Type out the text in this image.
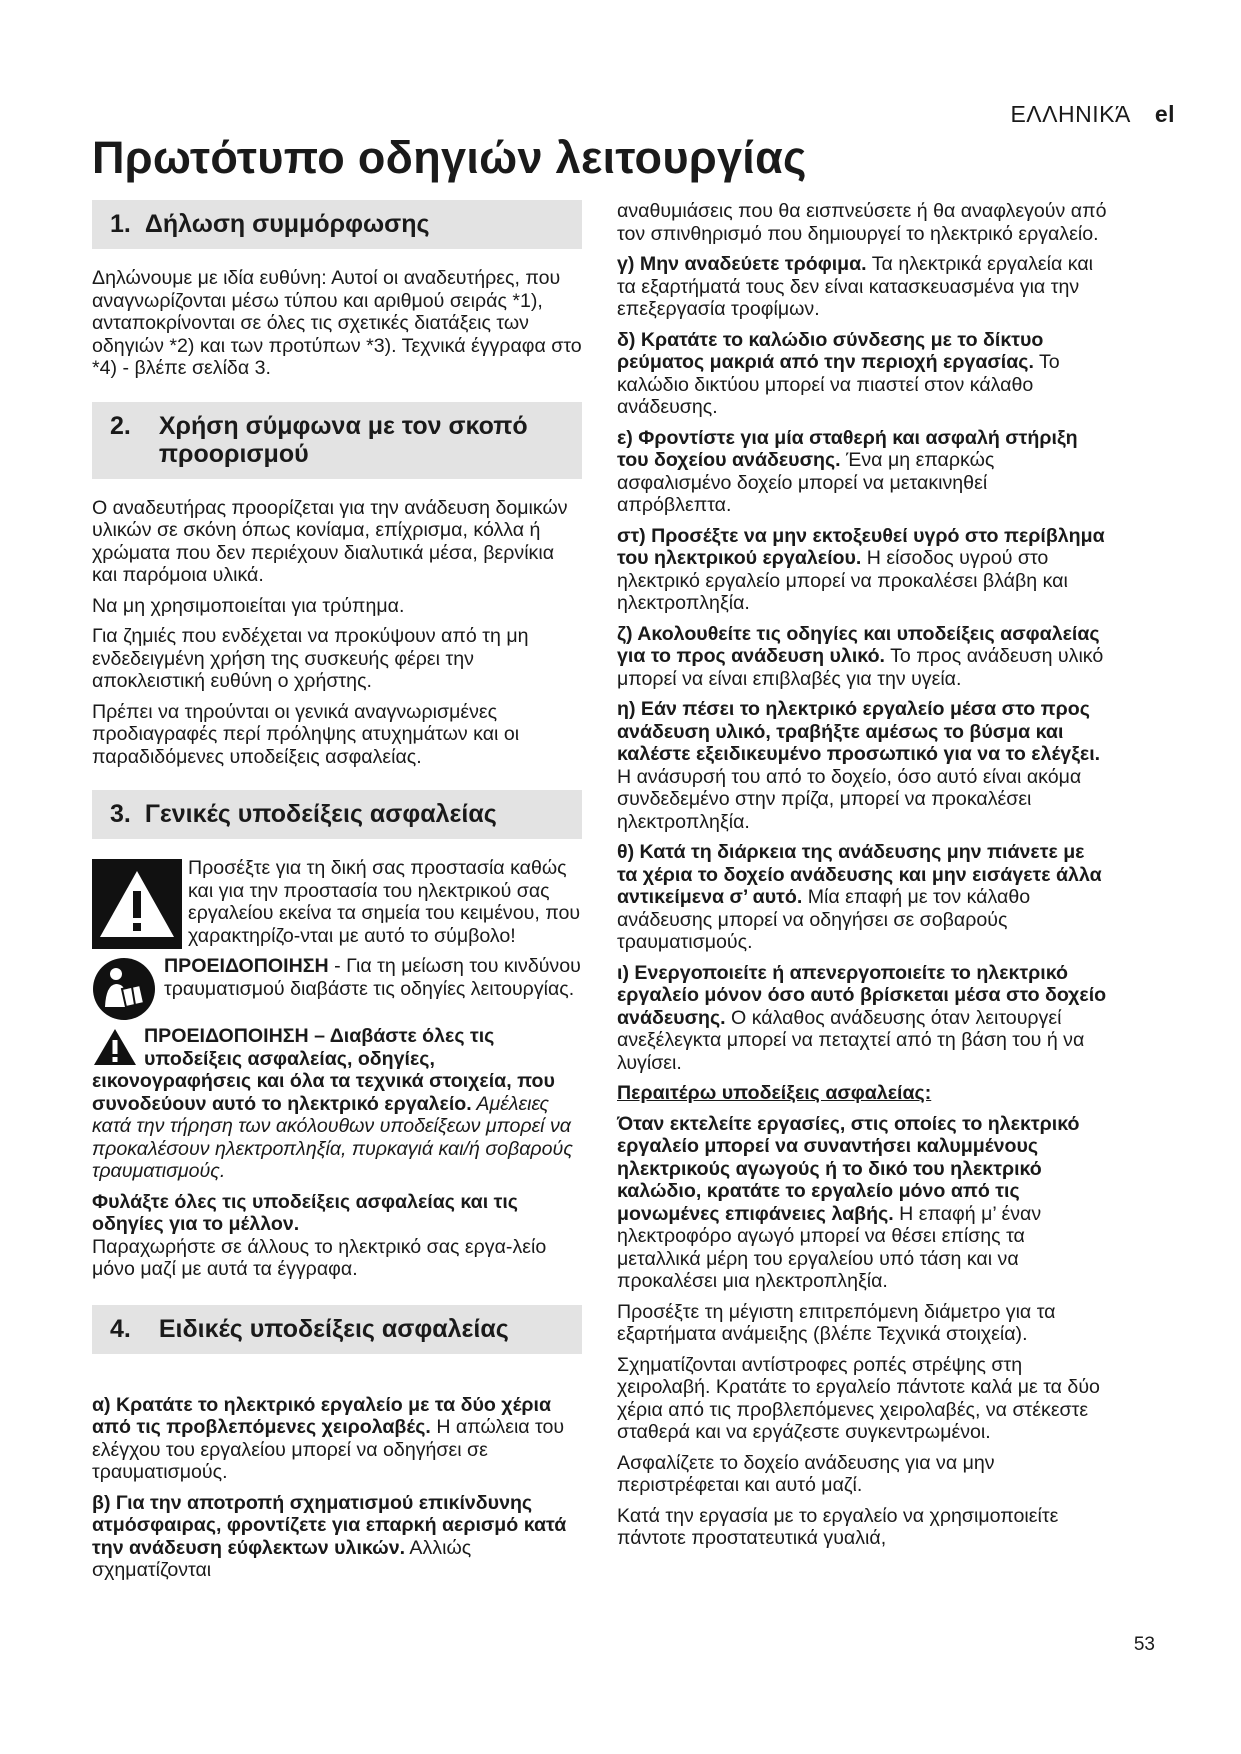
ΕΛΛΗΝΙΚΆ el
Πρωτότυπο οδηγιών λειτουργίας
1. Δήλωση συμμόρφωσης

Δηλώνουμε με ιδία ευθύνη: Αυτοί οι αναδευτήρες, που αναγνωρίζονται μέσω τύπου και αριθμού σειράς *1), ανταποκρίνονται σε όλες τις σχετικές διατάξεις των οδηγιών *2) και των προτύπων *3). Τεχνικά έγγραφα στο *4) - βλέπε σελίδα 3.

2. Χρήση σύμφωνα με τον σκοπό προορισμού

Ο αναδευτήρας προορίζεται για την ανάδευση δομικών υλικών σε σκόνη όπως κονίαμα, επίχρισμα, κόλλα ή χρώματα που δεν περιέχουν διαλυτικά μέσα, βερνίκια και παρόμοια υλικά.

Να μη χρησιμοποιείται για τρύπημα.

Για ζημιές που ενδέχεται να προκύψουν από τη μη ενδεδειγμένη χρήση της συσκευής φέρει την αποκλειστική ευθύνη ο χρήστης.

Πρέπει να τηρούνται οι γενικά αναγνωρισμένες προδιαγραφές περί πρόληψης ατυχημάτων και οι παραδιδόμενες υποδείξεις ασφαλείας.

3. Γενικές υποδείξεις ασφαλείας

Προσέξτε για τη δική σας προστασία καθώς και για την προστασία του ηλεκτρικού σας εργαλείου εκείνα τα σημεία του κειμένου, που χαρακτηρίζο-νται με αυτό το σύμβολο!

ΠΡΟΕΙΔΟΠΟΙΗΣΗ - Για τη μείωση του κινδύνου τραυματισμού διαβάστε τις οδηγίες λειτουργίας.

ΠΡΟΕΙΔΟΠΟΙΗΣΗ – Διαβάστε όλες τις υποδείξεις ασφαλείας, οδηγίες, εικονογραφήσεις και όλα τα τεχνικά στοιχεία, που συνοδεύουν αυτό το ηλεκτρικό εργαλείο. Αμέλειες κατά την τήρηση των ακόλουθων υποδείξεων μπορεί να προκαλέσουν ηλεκτροπληξία, πυρκαγιά και/ή σοβαρούς τραυματισμούς.

Φυλάξτε όλες τις υποδείξεις ασφαλείας και τις οδηγίες για το μέλλον.
Παραχωρήστε σε άλλους το ηλεκτρικό σας εργα-λείο μόνο μαζί με αυτά τα έγγραφα.

4. Ειδικές υποδείξεις ασφαλείας

α) Κρατάτε το ηλεκτρικό εργαλείο με τα δύο χέρια από τις προβλεπόμενες χειρολαβές. Η απώλεια του ελέγχου του εργαλείου μπορεί να οδηγήσει σε τραυματισμούς.

β) Για την αποτροπή σχηματισμού επικίνδυνης ατμόσφαιρας, φροντίζετε για επαρκή αερισμό κατά την ανάδευση εύφλεκτων υλικών. Αλλιώς σχηματίζονται

αναθυμιάσεις που θα εισπνεύσετε ή θα αναφλεγούν από τον σπινθηρισμό που δημιουργεί το ηλεκτρικό εργαλείο.

γ) Μην αναδεύετε τρόφιμα. Τα ηλεκτρικά εργαλεία και τα εξαρτήματά τους δεν είναι κατασκευασμένα για την επεξεργασία τροφίμων.

δ) Κρατάτε το καλώδιο σύνδεσης με το δίκτυο ρεύματος μακριά από την περιοχή εργασίας. Το καλώδιο δικτύου μπορεί να πιαστεί στον κάλαθο ανάδευσης.

ε) Φροντίστε για μία σταθερή και ασφαλή στήριξη του δοχείου ανάδευσης. Ένα μη επαρκώς ασφαλισμένο δοχείο μπορεί να μετακινηθεί απρόβλεπτα.

στ) Προσέξτε να μην εκτοξευθεί υγρό στο περίβλημα του ηλεκτρικού εργαλείου. Η είσοδος υγρού στο ηλεκτρικό εργαλείο μπορεί να προκαλέσει βλάβη και ηλεκτροπληξία.

ζ) Ακολουθείτε τις οδηγίες και υποδείξεις ασφαλείας για το προς ανάδευση υλικό. Το προς ανάδευση υλικό μπορεί να είναι επιβλαβές για την υγεία.

η) Εάν πέσει το ηλεκτρικό εργαλείο μέσα στο προς ανάδευση υλικό, τραβήξτε αμέσως το βύσμα και καλέστε εξειδικευμένο προσωπικό για να το ελέγξει. Η ανάσυρσή του από το δοχείο, όσο αυτό είναι ακόμα συνδεδεμένο στην πρίζα, μπορεί να προκαλέσει ηλεκτροπληξία.

θ) Κατά τη διάρκεια της ανάδευσης μην πιάνετε με τα χέρια το δοχείο ανάδευσης και μην εισάγετε άλλα αντικείμενα σ’ αυτό. Μία επαφή με τον κάλαθο ανάδευσης μπορεί να οδηγήσει σε σοβαρούς τραυματισμούς.

ι) Ενεργοποιείτε ή απενεργοποιείτε το ηλεκτρικό εργαλείο μόνον όσο αυτό βρίσκεται μέσα στο δοχείο ανάδευσης. Ο κάλαθος ανάδευσης όταν λειτουργεί ανεξέλεγκτα μπορεί να πεταχτεί από τη βάση του ή να λυγίσει.

Περαιτέρω υποδείξεις ασφαλείας:

Όταν εκτελείτε εργασίες, στις οποίες το ηλεκτρικό εργαλείο μπορεί να συναντήσει καλυμμένους ηλεκτρικούς αγωγούς ή το δικό του ηλεκτρικό καλώδιο, κρατάτε το εργαλείο μόνο από τις μονωμένες επιφάνειες λαβής. Η επαφή μ’ έναν ηλεκτροφόρο αγωγό μπορεί να θέσει επίσης τα μεταλλικά μέρη του εργαλείου υπό τάση και να προκαλέσει μια ηλεκτροπληξία.

Προσέξτε τη μέγιστη επιτρεπόμενη διάμετρο για τα εξαρτήματα ανάμειξης (βλέπε Τεχνικά στοιχεία).

Σχηματίζονται αντίστροφες ροπές στρέψης στη χειρολαβή. Κρατάτε το εργαλείο πάντοτε καλά με τα δύο χέρια από τις προβλεπόμενες χειρολαβές, να στέκεστε σταθερά και να εργάζεστε συγκεντρωμένοι.

Ασφαλίζετε το δοχείο ανάδευσης για να μην περιστρέφεται και αυτό μαζί.

Κατά την εργασία με το εργαλείο να χρησιμοποιείτε πάντοτε προστατευτικά γυαλιά,

53
